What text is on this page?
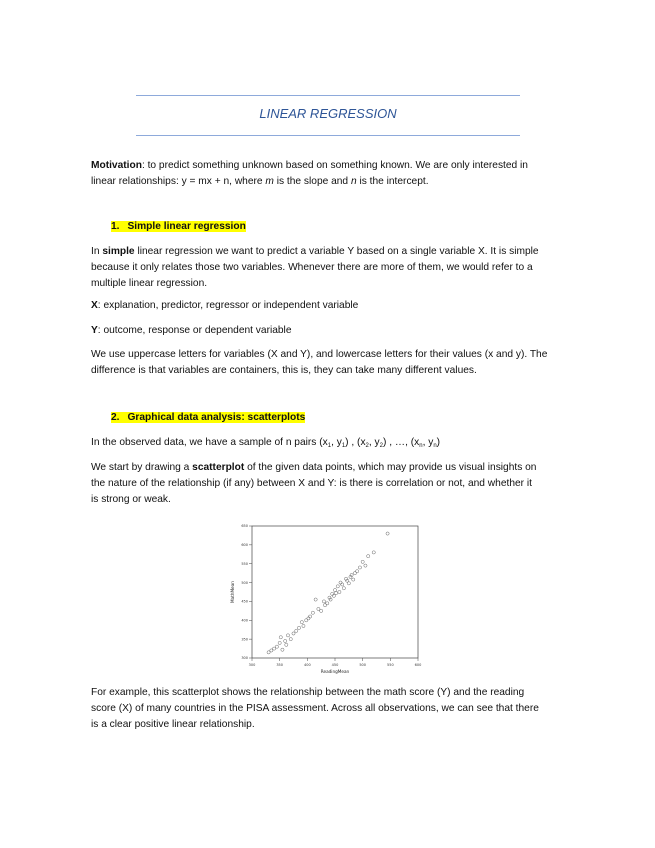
LINEAR REGRESSION

Motivation: to predict something unknown based on something known. We are only interested in
linear relationships: y = mx + n, where m is the slope and n is the intercept.

1. Simple linear regression

In simple linear regression we want to predict a variable Y based on a single variable X. It is simple
because it only relates those two variables. Whenever there are more of them, we would refer to a
multiple linear regression.

X: explanation, predictor, regressor or independent variable

Y: outcome, response or dependent variable

We use uppercase letters for variables (X and Y), and lowercase letters for their values (x and y). The
difference is that variables are containers, this is, they can take many different values.

2. Graphical data analysis: scatterplots

In the observed data, we have a sample of n pairs ($x_1$, $y_1$) , ($x_2$, $y_2$) , …, ($x_n$, $y_n$)

We start by drawing a scatterplot of the given data points, which may provide us visual insights on
the nature of the relationship (if any) between X and Y: is there is correlation or not, and whether it
is strong or weak.

300	350	400	450	500	550	600
300
350
400
450
500
550
600
650
ReadingMean
MathMean

For example, this scatterplot shows the relationship between the math score (Y) and the reading
score (X) of many countries in the PISA assessment. Across all observations, we can see that there
is a clear positive linear relationship.
